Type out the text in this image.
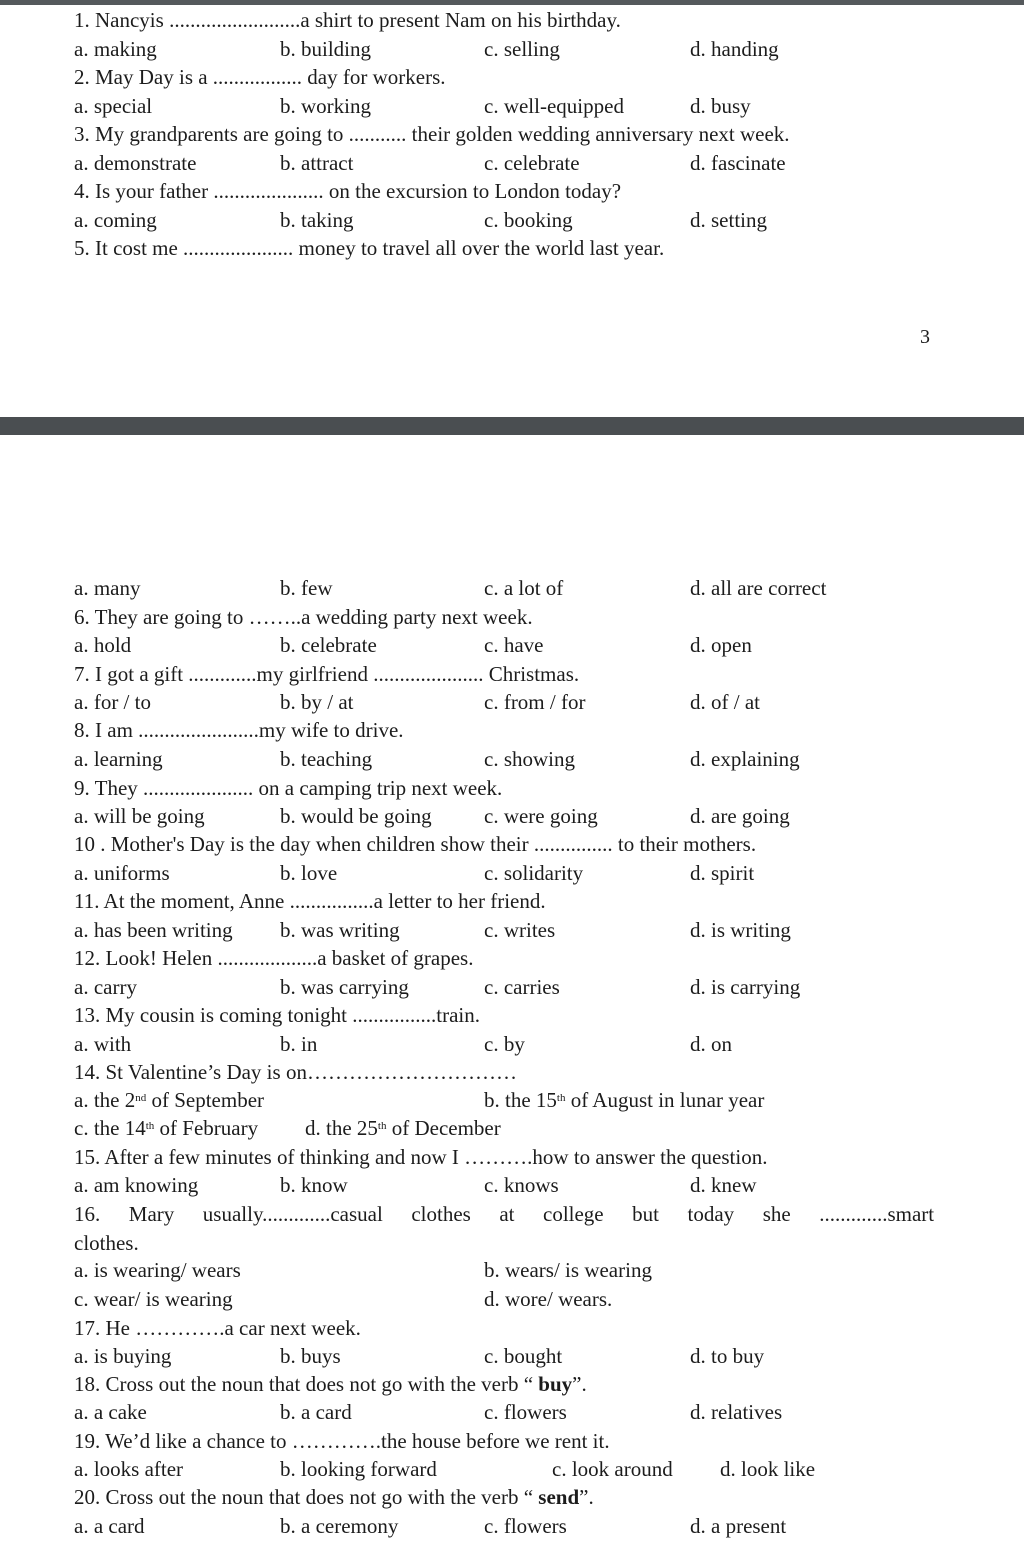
1. Nancyis .........................a shirt to present Nam on his birthday.
a. making	b. building	c. selling	d. handing
2. May Day is a ................. day for workers.
a. special	b. working	c. well-equipped	d. busy
3. My grandparents are going to ........... their golden wedding anniversary next week.
a. demonstrate	b. attract	c. celebrate	d. fascinate
4. Is your father ..................... on the excursion to London today?
a. coming	b. taking	c. booking	d. setting
5. It cost me ..................... money to travel all over the world last year.
3
a. many	b. few	c. a lot of	d. all are correct
6. They are going to ……..a wedding party next week.
a. hold	b. celebrate	c. have	d. open
7. I got a gift .............my girlfriend ..................... Christmas.
a. for / to	b. by / at	c. from / for	d. of / at
8. I am .......................my wife to drive.
a. learning	b. teaching	c. showing	d. explaining
9. They ..................... on a camping trip next week.
a. will be going	b. would be going c. were going	d. are going
10 . Mother's Day is the day when children show their ............... to their mothers.
a. uniforms	b. love	c. solidarity	d. spirit
11. At the moment, Anne ................a letter to her friend.
a. has been writing b. was writing	c. writes	d. is writing
12. Look! Helen ...................a basket of grapes.
a. carry	b. was carrying	c. carries	d. is carrying
13. My cousin is coming tonight ................train.
a. with	b. in	c. by	d. on
14. St Valentine’s Day is on…………………………
a. the 2nd of September	b. the 15th of August in lunar year
c. the 14th of February d. the 25th of December
15. After a few minutes of thinking and now I ……….how to answer the question.
a. am knowing	b. know	c. knows	d. knew
16. Mary usually.............casual clothes at college but today she .............smart
clothes.
a. is wearing/ wears	b. wears/ is wearing
c. wear/ is wearing	d. wore/ wears.
17. He ………….a car next week.
a. is buying	b. buys	c. bought	d. to buy
18. Cross out the noun that does not go with the verb “ buy”.
a. a cake	b. a card	c. flowers	d. relatives
19. We’d like a chance to ………….the house before we rent it.
a. looks after	b. looking forward	c. look around d. look like
20. Cross out the noun that does not go with the verb “ send”.
a. a card	b. a ceremony	c. flowers	d. a present
